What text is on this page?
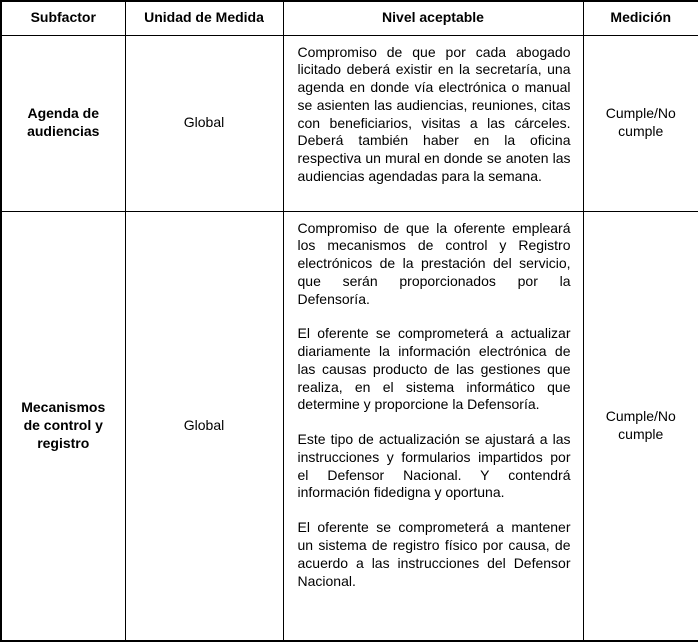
Subfactor	Unidad de Medida	Nivel aceptable	Medición
Agenda de audiencias	Global	Compromiso de que por cada abogado licitado deberá existir en la secretaría, una agenda en donde vía electrónica o manual se asienten las audiencias, reuniones, citas con beneficiarios, visitas a las cárceles. Deberá también haber en la oficina respectiva un mural en donde se anoten las audiencias agendadas para la semana.	Cumple/No cumple
Mecanismos de control y registro	Global	Compromiso de que la oferente empleará los mecanismos de control y Registro electrónicos de la prestación del servicio, que serán proporcionados por la Defensoría.

El oferente se comprometerá a actualizar diariamente la información electrónica de las causas producto de las gestiones que realiza, en el sistema informático que determine y proporcione la Defensoría.

Este tipo de actualización se ajustará a las instrucciones y formularios impartidos por el Defensor Nacional. Y contendrá información fidedigna y oportuna.

El oferente se comprometerá a mantener un sistema de registro físico por causa, de acuerdo a las instrucciones del Defensor Nacional.	Cumple/No cumple
